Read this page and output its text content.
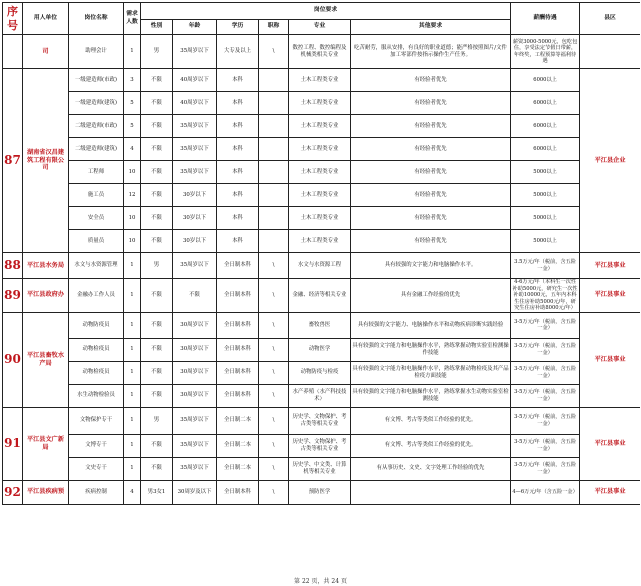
序号	用人单位	岗位名称	需求人数	岗位要求						薪酬待遇	县区
				性别	年龄	学历	职称	专业	其他要求		
	司	助理会计	1	男	35周岁以下	大专及以上	\	数控工程、数控编程及机械类相关专业	吃苦耐劳，服从安排，有良好的职业道德；能严格按照图片/文件加工零部件按指示操作生产任务。	薪资3000-5000元，包吃包住，享受法定节假日带薪，年终奖，工程预算等福利待遇	
87	湖南省汉昌建筑工程有限公司	一级建造师(市政)	3	不限	40周岁以下	本科		土木工程类专业	有经验者优先	6000以上	平江县企业
		一级建造师(建筑)	5	不限	40周岁以下	本科		土木工程类专业	有经验者优先	6000以上	
		二级建造师(市政)	5	不限	35周岁以下	本科		土木工程类专业	有经验者优先	6000以上	
		二级建造师(建筑)	4	不限	35周岁以下	本科		土木工程类专业	有经验者优先	6000以上	
		工程师	10	不限	35周岁以下	本科		土木工程类专业	有经验者优先	5000以上	
		施工员	12	不限	30岁以下	本科		土木工程类专业	有经验者优先	5000以上	
		安全员	10	不限	30岁以下	本科		土木工程类专业	有经验者优先	5000以上	
		质量员	10	不限	30岁以下	本科		土木工程类专业	有经验者优先	5000以上	
88	平江县水务局	水文与水资源管理	1	男	35周岁以下	全日制本科	\	水文与水资源工程	具有较强的文字能力和电脑操作水平。	3.5万元/年（税前，含五险一金）	平江县事业
89	平江县政府办	金融办工作人员	1	不限	不限	全日制本科	\	金融、经济等相关专业	具有金融工作经验的优先	4-6万元/年（本科生一次性补助5000元，研究生一次性补助10000元，五年内本科生住房补助5000元/年，研究生住房补助8000元/年）	平江县事业
90	平江县畜牧水产局	动物防疫员	1	不限	30周岁以下	全日制本科	\	畜牧兽医	具有较强的文字能力、电脑操作水平和动物疾病诊断实践经验	3-5万元/年（税前，含五险一金）	平江县事业
		动物检疫员	1	不限	30周岁以下	全日制本科	\	动物医学	具有较强的文字能力和电脑操作水平，熟练掌握动物实验室检测操作技能	3-5万元/年（税前，含五险一金）	
		动物检疫员	1	不限	30周岁以下	全日制本科	\	动物防疫与检疫	具有较强的文字能力和电脑操作水平，熟练掌握动物检疫及其产品检疫方面技能	3-5万元/年（税前，含五险一金）	
		水生动物检验员	1	不限	30周岁以下	全日制本科	\	水产养殖（水产科技技术）	具有较强的文字能力和电脑操作水平，熟练掌握水生动物实验室检测技能	3-5万元/年（税前，含五险一金）	
91	平江县文广新局	文物保护专干	1	男	35周岁以下	全日制二本	\	历史学、文物保护、考古类等相关专业	有文博、考古等类似工作经验的优先。	3-5万元/年（税前，含五险一金）	平江县事业
		文博专干	1	不限	35周岁以下	全日制二本	\	历史学、文物保护、考古类等相关专业	有文博、考古等类似工作经验的优先。	3-5万元/年（税前，含五险一金）	
		文史专干	1	不限	35周岁以下	全日制二本	\	历史学、中文类、计算机等相关专业	有从事历史、文史、文字处理工作经验的优先	3-5万元/年（税前，含五险一金）	
92	平江县疾病预	疾病控制	4	男3女1	30周岁及以下	全日制本科	\	预防医学		4—6万元/年（含五险一金）	平江县事业
第 22 页，共 24 页
